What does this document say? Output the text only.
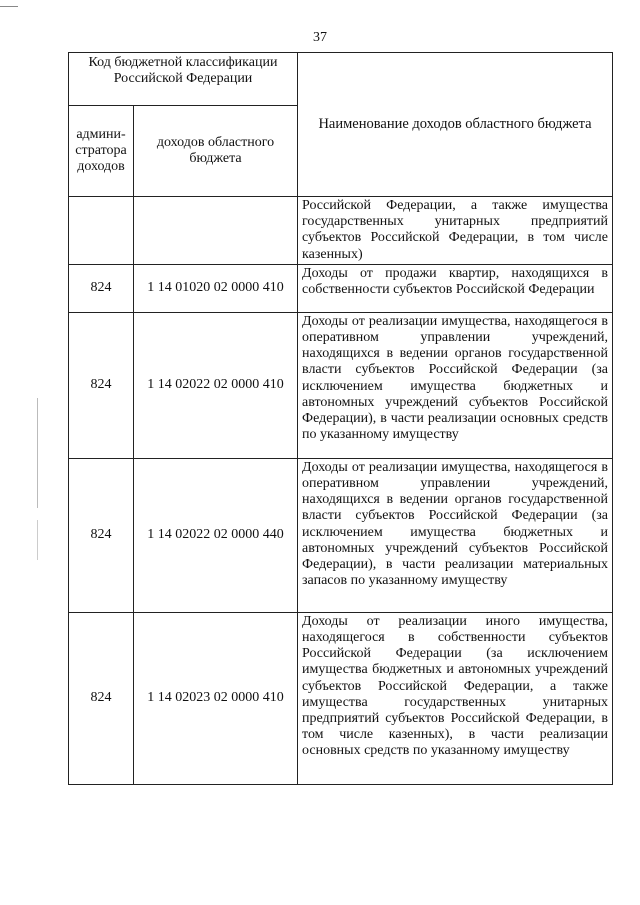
37
Код бюджетной классификации Российской Федерации		Наименование доходов областного бюджета
админи-стратора доходов	доходов областного бюджета	
		Российской Федерации, а также имущества государственных унитарных предприятий субъектов Российской Федерации, в том числе казенных)
824	1 14 01020 02 0000 410	Доходы от продажи квартир, находящихся в собственности субъектов Российской Федерации
824	1 14 02022 02 0000 410	Доходы от реализации имущества, находящегося в оперативном управлении учреждений, находящихся в ведении органов государственной власти субъектов Российской Федерации (за исключением имущества бюджетных и автономных учреждений субъектов Российской Федерации), в части реализации основных средств по указанному имуществу
824	1 14 02022 02 0000 440	Доходы от реализации имущества, находящегося в оперативном управлении учреждений, находящихся в ведении органов государственной власти субъектов Российской Федерации (за исключением имущества бюджетных и автономных учреждений субъектов Российской Федерации), в части реализации материальных запасов по указанному имуществу
824	1 14 02023 02 0000 410	Доходы от реализации иного имущества, находящегося в собственности субъектов Российской Федерации (за исключением имущества бюджетных и автономных учреждений субъектов Российской Федерации, а также имущества государственных унитарных предприятий субъектов Российской Федерации, в том числе казенных), в части реализации основных средств по указанному имуществу
